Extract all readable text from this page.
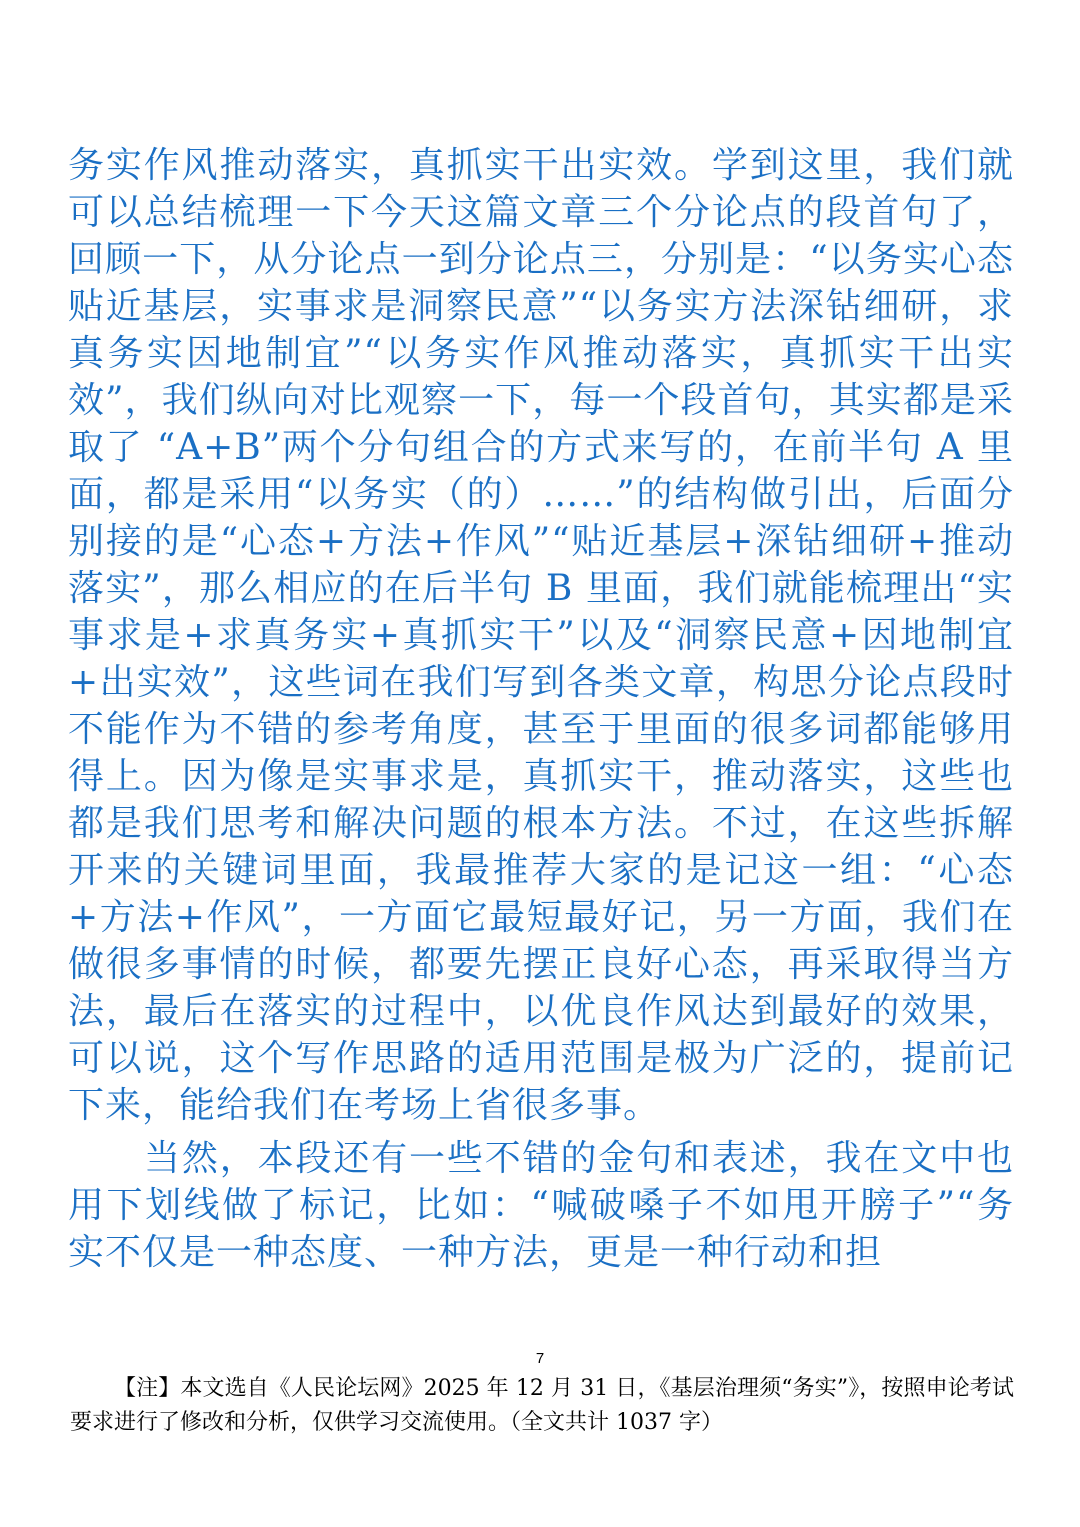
务实作风推动落实，真抓实干出实效。学到这里，我们就可以总结梳理一下今天这篇文章三个分论点的段首句了，回顾一下，从分论点一到分论点三，分别是：“以务实心态贴近基层，实事求是洞察民意”“以务实方法深钻细研，求真务实因地制宜”“以务实作风推动落实，真抓实干出实效”，我们纵向对比观察一下，每一个段首句，其实都是采取了 “A+B”两个分句组合的方式来写的，在前半句 A 里面，都是采用“以务实（的）……”的结构做引出，后面分别接的是“心态+方法+作风”“贴近基层+深钻细研+推动落实”，那么相应的在后半句 B 里面，我们就能梳理出“实事求是+求真务实+真抓实干”以及“洞察民意+因地制宜+出实效”，这些词在我们写到各类文章，构思分论点段时不能作为不错的参考角度，甚至于里面的很多词都能够用得上。因为像是实事求是，真抓实干，推动落实，这些也都是我们思考和解决问题的根本方法。不过，在这些拆解开来的关键词里面，我最推荐大家的是记这一组：“心态+方法+作风”，一方面它最短最好记，另一方面，我们在做很多事情的时候，都要先摆正良好心态，再采取得当方法，最后在落实的过程中，以优良作风达到最好的效果，可以说，这个写作思路的适用范围是极为广泛的，提前记下来，能给我们在考场上省很多事。

当然，本段还有一些不错的金句和表述，我在文中也用下划线做了标记，比如：“喊破嗓子不如甩开膀子”“务实不仅是一种态度、一种方法，更是一种行动和担

7
【注】本文选自《人民论坛网》2025 年 12 月 31 日，《基层治理须“务实”》，按照申论考试要求进行了修改和分析，仅供学习交流使用。（全文共计 1037 字）
